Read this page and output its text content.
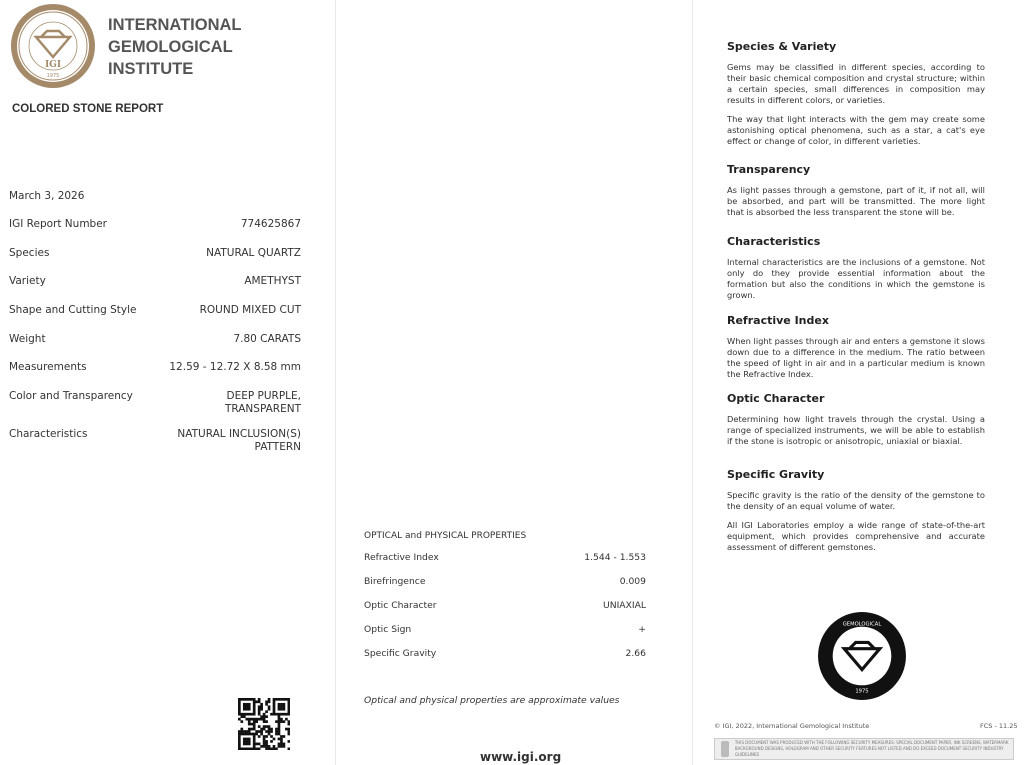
IGI
1975
INTERNATIONAL
GEMOLOGICAL
INSTITUTE
COLORED STONE REPORT
March 3, 2026
IGI Report Number	774625867
Species	NATURAL QUARTZ
Variety	AMETHYST
Shape and Cutting Style	ROUND MIXED CUT
Weight	7.80 CARATS
Measurements	12.59 - 12.72 X 8.58 mm
Color and Transparency	DEEP PURPLE,
TRANSPARENT
Characteristics	NATURAL INCLUSION(S)
PATTERN
OPTICAL and PHYSICAL PROPERTIES
Refractive Index	1.544 - 1.553
Birefringence	0.009
Optic Character	UNIAXIAL
Optic Sign	+
Specific Gravity	2.66
Optical and physical properties are approximate values
www.igi.org
Species & Variety

Gems may be classified in different species, according to their basic chemical composition and crystal structure; within a certain species, small differences in composition may results in different colors, or varieties.

The way that light interacts with the gem may create some astonishing optical phenomena, such as a star, a cat's eye effect or change of color, in different varieties.

Transparency

As light passes through a gemstone, part of it, if not all, will be absorbed, and part will be transmitted. The more light that is absorbed the less transparent the stone will be.

Characteristics

Internal characteristics are the inclusions of a gemstone. Not only do they provide essential information about the formation but also the conditions in which the gemstone is grown.

Refractive Index

When light passes through air and enters a gemstone it slows down due to a difference in the medium. The ratio between the speed of light in air and in a particular medium is known the Refractive Index.

Optic Character

Determining how light travels through the crystal. Using a range of specialized instruments, we will be able to establish if the stone is isotropic or anisotropic, uniaxial or biaxial.

Specific Gravity

Specific gravity is the ratio of the density of the gemstone to the density of an equal volume of water.

All IGI Laboratories employ a wide range of state-of-the-art equipment, which provides comprehensive and accurate assessment of different gemstones.

GEMOLOGICAL
1975
© IGI, 2022, International Gemological Institute	FCS - 11.25
THIS DOCUMENT WAS PRODUCED WITH THE FOLLOWING SECURITY MEASURES: SPECIAL DOCUMENT PAPER, INK SCREENS, WATERMARK BACKGROUND DESIGNS, HOLOGRAM AND OTHER SECURITY FEATURES NOT LISTED AND DO EXCEED DOCUMENT SECURITY INDUSTRY GUIDELINES
